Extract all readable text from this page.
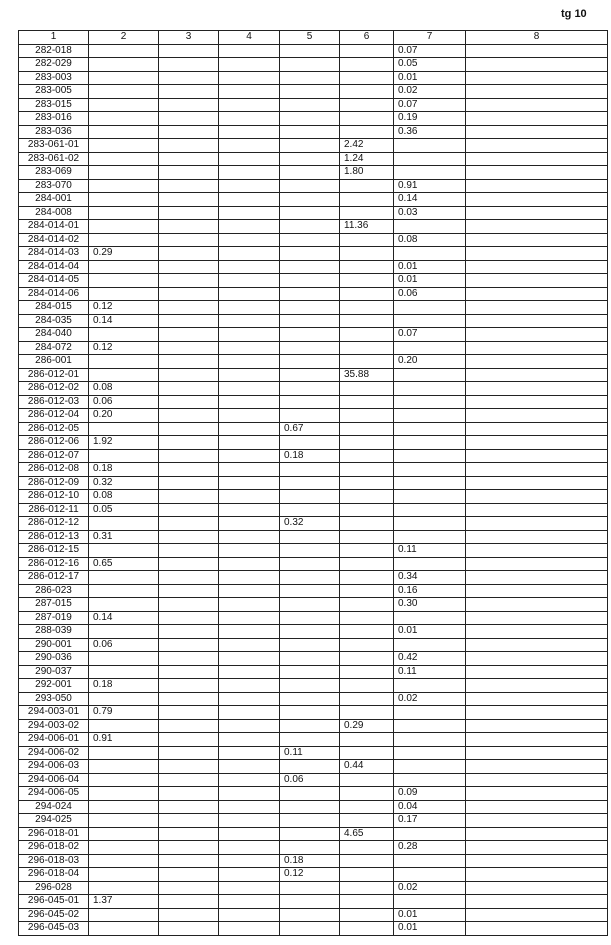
tg 10
1	2	3	4	5	6	7	8
282-018						0.07	
282-029						0.05	
283-003						0.01	
283-005						0.02	
283-015						0.07	
283-016						0.19	
283-036						0.36	
283-061-01					2.42		
283-061-02					1.24		
283-069					1.80		
283-070						0.91	
284-001						0.14	
284-008						0.03	
284-014-01					11.36		
284-014-02						0.08	
284-014-03	0.29						
284-014-04						0.01	
284-014-05						0.01	
284-014-06						0.06	
284-015	0.12						
284-035	0.14						
284-040						0.07	
284-072	0.12						
286-001						0.20	
286-012-01					35.88		
286-012-02	0.08						
286-012-03	0.06						
286-012-04	0.20						
286-012-05				0.67			
286-012-06	1.92						
286-012-07				0.18			
286-012-08	0.18						
286-012-09	0.32						
286-012-10	0.08						
286-012-11	0.05						
286-012-12				0.32			
286-012-13	0.31						
286-012-15						0.11	
286-012-16	0.65						
286-012-17						0.34	
286-023						0.16	
287-015						0.30	
287-019	0.14						
288-039						0.01	
290-001	0.06						
290-036						0.42	
290-037						0.11	
292-001	0.18						
293-050						0.02	
294-003-01	0.79						
294-003-02					0.29		
294-006-01	0.91						
294-006-02				0.11			
294-006-03					0.44		
294-006-04				0.06			
294-006-05						0.09	
294-024						0.04	
294-025						0.17	
296-018-01					4.65		
296-018-02						0.28	
296-018-03				0.18			
296-018-04				0.12			
296-028						0.02	
296-045-01	1.37						
296-045-02						0.01	
296-045-03						0.01	
